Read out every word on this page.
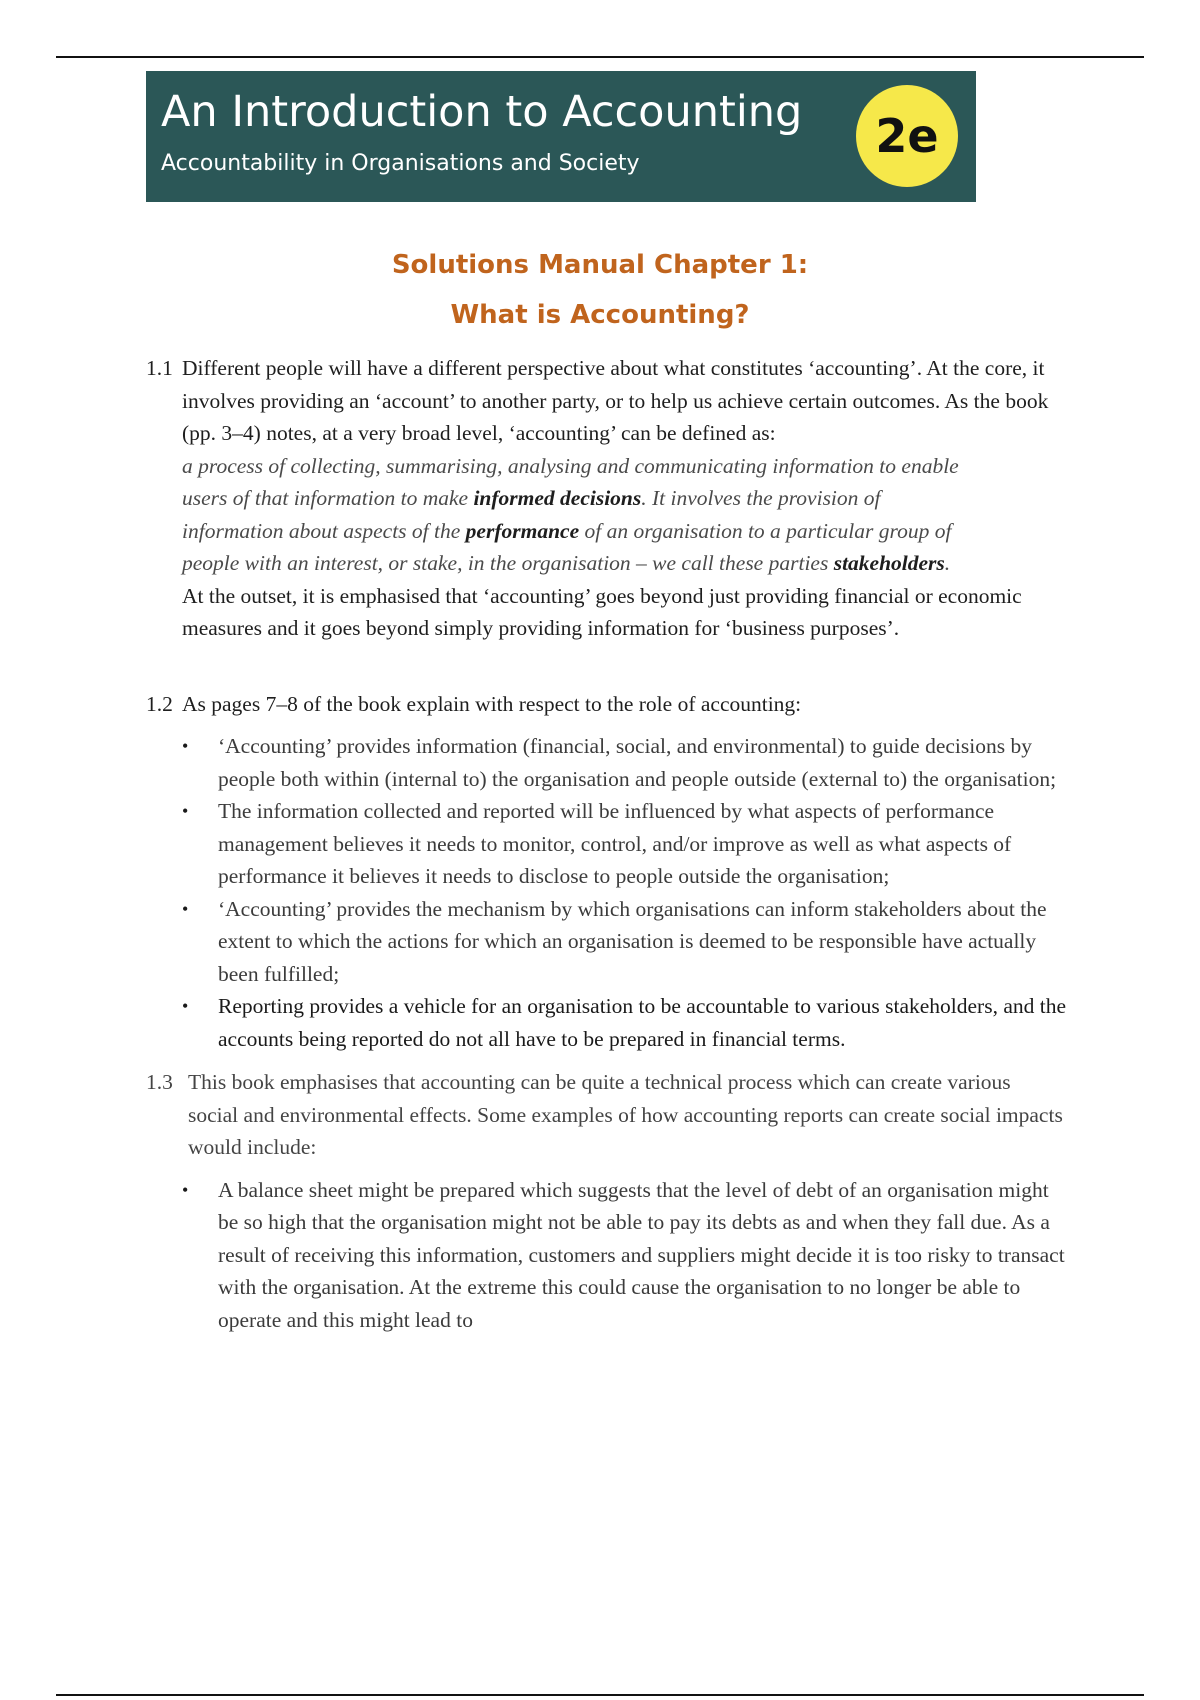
An Introduction to Accounting
Accountability in Organisations and Society
2e
Solutions Manual Chapter 1:
What is Accounting?
1.1 Different people will have a different perspective about what constitutes ‘accounting’. At the core, it involves providing an ‘account’ to another party, or to help us achieve certain outcomes. As the book (pp. 3–4) notes, at a very broad level, ‘accounting’ can be defined as:

a process of collecting, summarising, analysing and communicating information to enable users of that information to make informed decisions. It involves the provision of information about aspects of the performance of an organisation to a particular group of people with an interest, or stake, in the organisation – we call these parties stakeholders.

At the outset, it is emphasised that ‘accounting’ goes beyond just providing financial or economic measures and it goes beyond simply providing information for ‘business purposes’.

1.2 As pages 7–8 of the book explain with respect to the role of accounting:

• ‘Accounting’ provides information (financial, social, and environmental) to guide decisions by people both within (internal to) the organisation and people outside (external to) the organisation;
• The information collected and reported will be influenced by what aspects of performance management believes it needs to monitor, control, and/or improve as well as what aspects of performance it believes it needs to disclose to people outside the organisation;
• ‘Accounting’ provides the mechanism by which organisations can inform stakeholders about the extent to which the actions for which an organisation is deemed to be responsible have actually been fulfilled;
• Reporting provides a vehicle for an organisation to be accountable to various stakeholders, and the accounts being reported do not all have to be prepared in financial terms.
1.3 This book emphasises that accounting can be quite a technical process which can create various social and environmental effects. Some examples of how accounting reports can create social impacts would include:

• A balance sheet might be prepared which suggests that the level of debt of an organisation might be so high that the organisation might not be able to pay its debts as and when they fall due. As a result of receiving this information, customers and suppliers might decide it is too risky to transact with the organisation. At the extreme this could cause the organisation to no longer be able to operate and this might lead to
